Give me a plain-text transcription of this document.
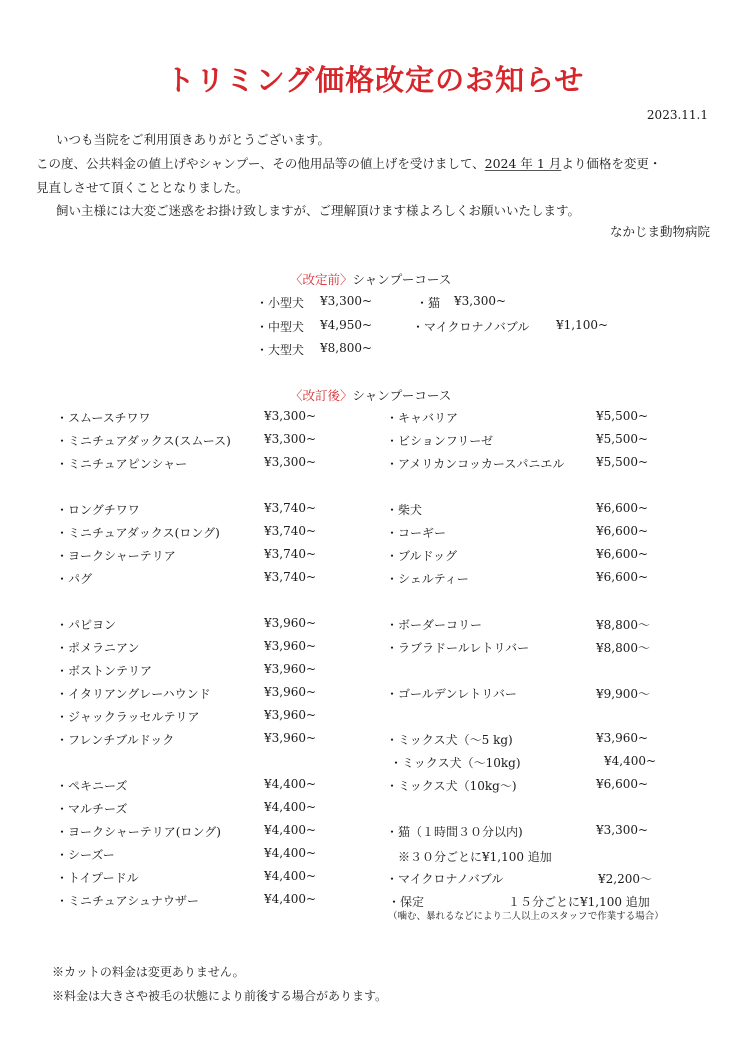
トリミング価格改定のお知らせ
2023.11.1
いつも当院をご利用頂きありがとうございます。
この度、公共料金の値上げやシャンプー、その他用品等の値上げを受けまして、2024 年 1 月より価格を変更・
見直しさせて頂くこととなりました。
飼い主様には大変ご迷惑をお掛け致しますが、ご理解頂けます様よろしくお願いいたします。
なかじま動物病院
〈改定前〉シャンプーコース
・小型犬 ¥3,300~
・中型犬 ¥4,950~
・大型犬 ¥8,800~
・猫 ¥3,300~
・マイクロナノバブル ¥1,100~
〈改訂後〉シャンプーコース
・スムースチワワ	¥3,300~
・ミニチュアダックス(スムース)	¥3,300~
・ミニチュアピンシャー	¥3,300~
・ロングチワワ	¥3,740~
・ミニチュアダックス(ロング)	¥3,740~
・ヨークシャーテリア	¥3,740~
・パグ	¥3,740~
・パピヨン	¥3,960~
・ポメラニアン	¥3,960~
・ボストンテリア	¥3,960~
・イタリアングレーハウンド	¥3,960~
・ジャックラッセルテリア	¥3,960~
・フレンチブルドック	¥3,960~
・ペキニーズ	¥4,400~
・マルチーズ	¥4,400~
・ヨークシャーテリア(ロング)	¥4,400~
・シーズー	¥4,400~
・トイプードル	¥4,400~
・ミニチュアシュナウザー	¥4,400~
・キャバリア	¥5,500~
・ビションフリーゼ	¥5,500~
・アメリカンコッカースパニエル	¥5,500~
・柴犬	¥6,600~
・コーギー	¥6,600~
・ブルドッグ	¥6,600~
・シェルティー	¥6,600~
・ボーダーコリー	¥8,800～
・ラブラドールレトリバー	¥8,800～
・ゴールデンレトリバー	¥9,900～
・ミックス犬（～5 kg)	¥3,960~
・ミックス犬（～10kg)	¥4,400~
・ミックス犬（10kg～)	¥6,600~
・猫（１時間３０分以内)	¥3,300~
・マイクロナノバブル	¥2,200～
※３０分ごとに¥1,100 追加
・保定	１５分ごとに¥1,100 追加
（噛む、暴れるなどにより二人以上のスタッフで作業する場合）
※カットの料金は変更ありません。
※料金は大きさや被毛の状態により前後する場合があります。
